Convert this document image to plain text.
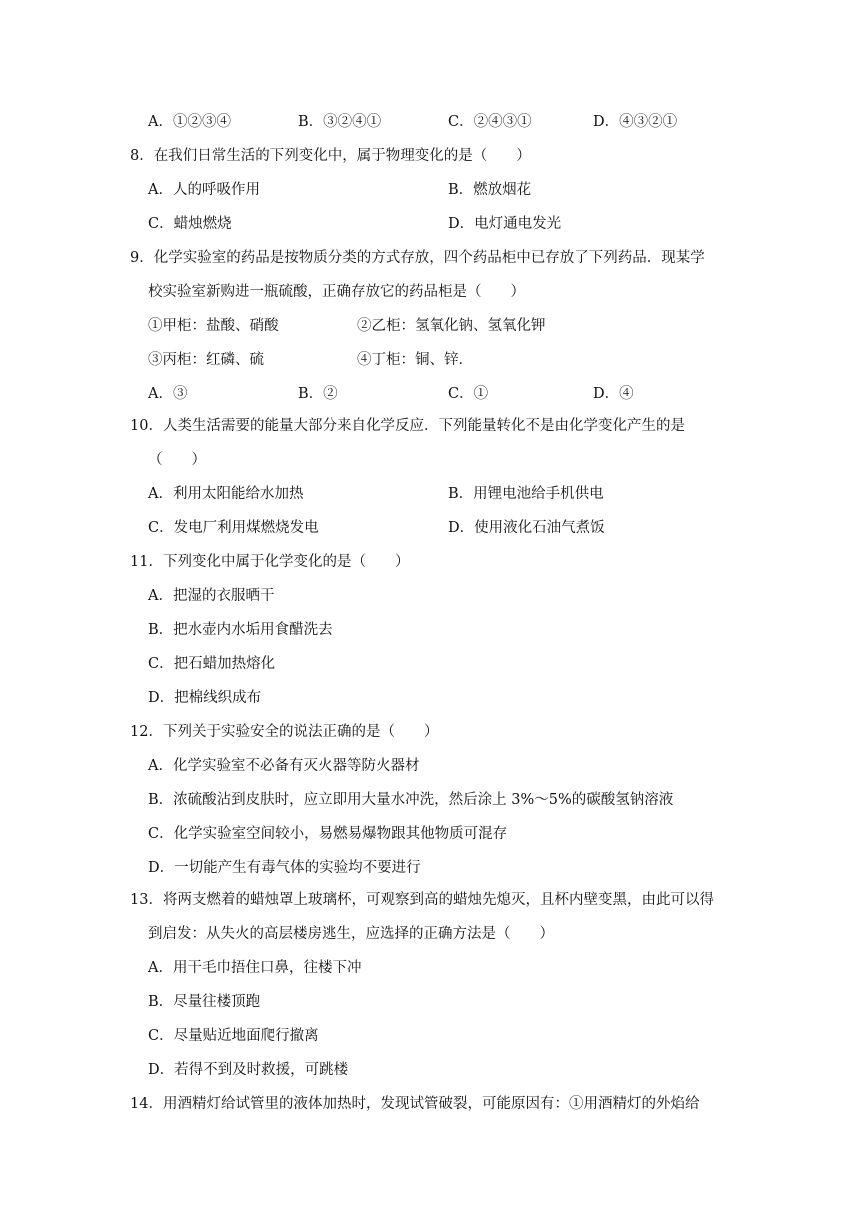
A．①②③④	B．③②④①	C．②④③①	D．④③②①
8．在我们日常生活的下列变化中，属于物理变化的是（　　）
A．人的呼吸作用	B．燃放烟花
C．蜡烛燃烧	D．电灯通电发光
9．化学实验室的药品是按物质分类的方式存放，四个药品柜中已存放了下列药品．现某学
校实验室新购进一瓶硫酸，正确存放它的药品柜是（　　）
①甲柜：盐酸、硝酸	②乙柜：氢氧化钠、氢氧化钾
③丙柜：红磷、硫	④丁柜：铜、锌．
A．③	B．②	C．①	D．④
10．人类生活需要的能量大部分来自化学反应．下列能量转化不是由化学变化产生的是
（　　）
A．利用太阳能给水加热	B．用锂电池给手机供电
C．发电厂利用煤燃烧发电	D．使用液化石油气煮饭
11．下列变化中属于化学变化的是（　　）
A．把湿的衣服晒干
B．把水壶内水垢用食醋洗去
C．把石蜡加热熔化
D．把棉线织成布
12．下列关于实验安全的说法正确的是（　　）
A．化学实验室不必备有灭火器等防火器材
B．浓硫酸沾到皮肤时，应立即用大量水冲洗，然后涂上 3%～5%的碳酸氢钠溶液
C．化学实验室空间较小，易燃易爆物跟其他物质可混存
D．一切能产生有毒气体的实验均不要进行
13．将两支燃着的蜡烛罩上玻璃杯，可观察到高的蜡烛先熄灭，且杯内壁变黑，由此可以得
到启发：从失火的高层楼房逃生，应选择的正确方法是（　　）
A．用干毛巾捂住口鼻，往楼下冲
B．尽量往楼顶跑
C．尽量贴近地面爬行撤离
D．若得不到及时救援，可跳楼
14．用酒精灯给试管里的液体加热时，发现试管破裂，可能原因有：①用酒精灯的外焰给
